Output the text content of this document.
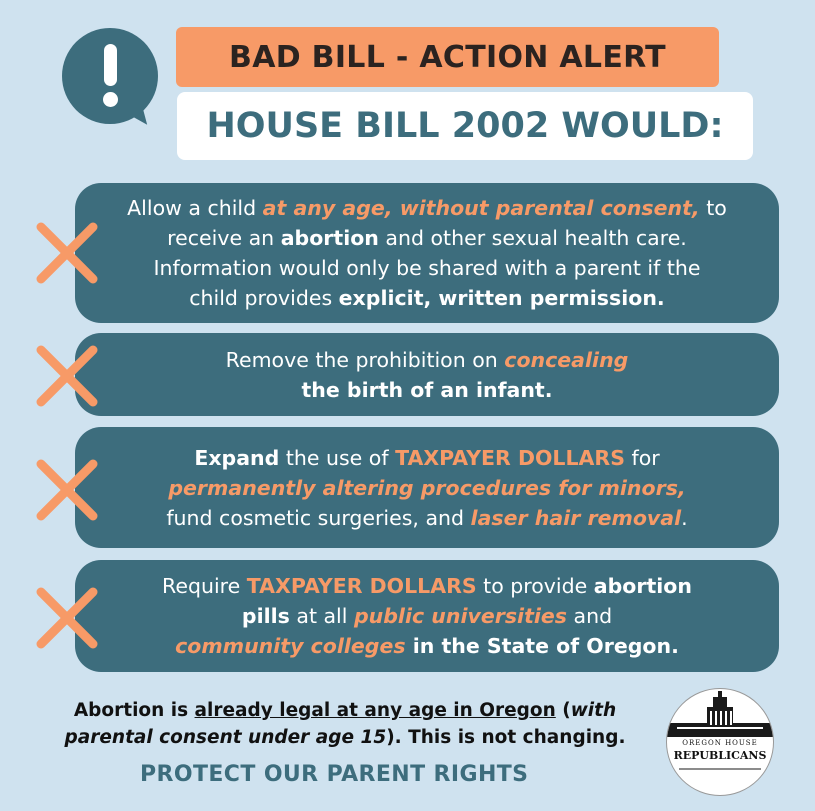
BAD BILL - ACTION ALERT
HOUSE BILL 2002 WOULD:
Allow a child at any age, without parental consent, to
receive an abortion and other sexual health care.
Information would only be shared with a parent if the
child provides explicit, written permission.
Remove the prohibition on concealing
the birth of an infant.
Expand the use of TAXPAYER DOLLARS for
permanently altering procedures for minors,
fund cosmetic surgeries, and laser hair removal.
Require TAXPAYER DOLLARS to provide abortion
pills at all public universities and
community colleges in the State of Oregon.
Abortion is already legal at any age in Oregon (with parental consent under age 15). This is not changing.
PROTECT OUR PARENT RIGHTS
OREGON HOUSE
REPUBLICANS
